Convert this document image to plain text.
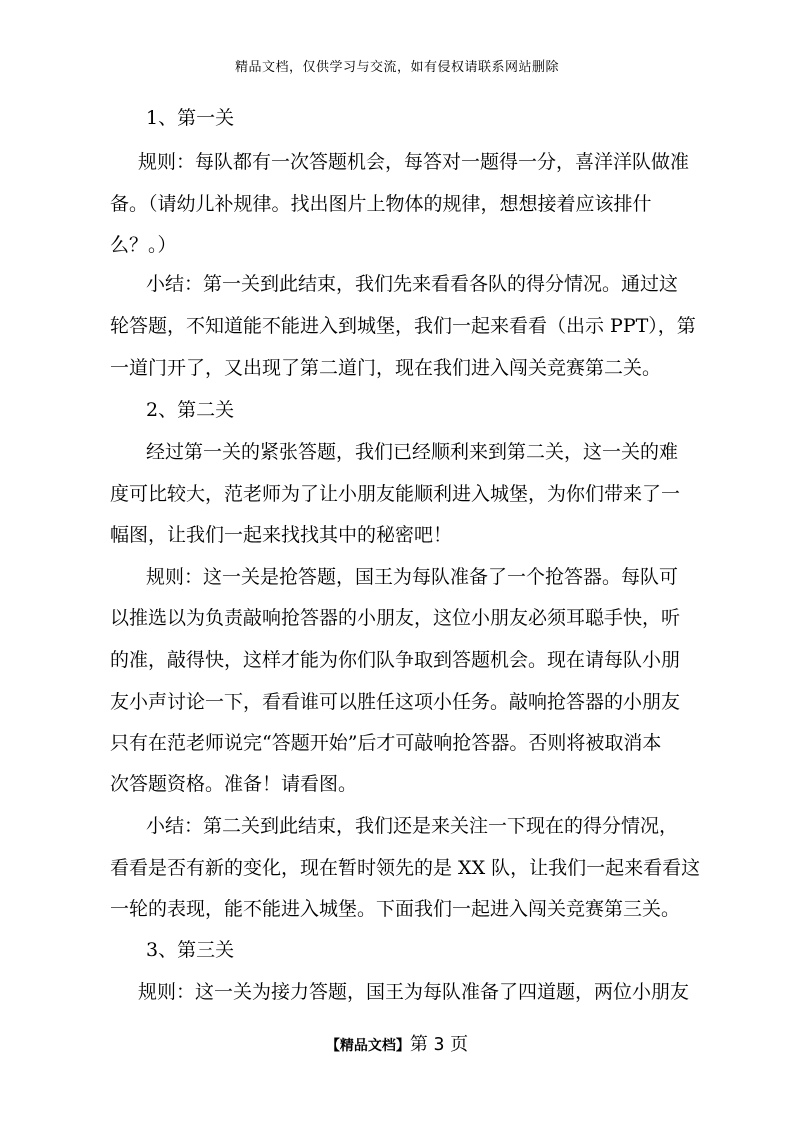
精品文档，仅供学习与交流，如有侵权请联系网站删除
1、第一关
规则：每队都有一次答题机会，每答对一题得一分，喜洋洋队做准
备。（请幼儿补规律。找出图片上物体的规律，想想接着应该排什
么？。）
小结：第一关到此结束，我们先来看看各队的得分情况。通过这
轮答题，不知道能不能进入到城堡，我们一起来看看（出示 PPT），第
一道门开了，又出现了第二道门，现在我们进入闯关竞赛第二关。
2、第二关
经过第一关的紧张答题，我们已经顺利来到第二关，这一关的难
度可比较大，范老师为了让小朋友能顺利进入城堡，为你们带来了一
幅图，让我们一起来找找其中的秘密吧！
规则：这一关是抢答题，国王为每队准备了一个抢答器。每队可
以推选以为负责敲响抢答器的小朋友，这位小朋友必须耳聪手快，听
的准，敲得快，这样才能为你们队争取到答题机会。现在请每队小朋
友小声讨论一下，看看谁可以胜任这项小任务。敲响抢答器的小朋友
只有在范老师说完“答题开始”后才可敲响抢答器。否则将被取消本
次答题资格。准备！请看图。
小结：第二关到此结束，我们还是来关注一下现在的得分情况，
看看是否有新的变化，现在暂时领先的是 XX 队，让我们一起来看看这
一轮的表现，能不能进入城堡。下面我们一起进入闯关竞赛第三关。
3、第三关
规则：这一关为接力答题，国王为每队准备了四道题，两位小朋友
【精品文档】第 3 页
